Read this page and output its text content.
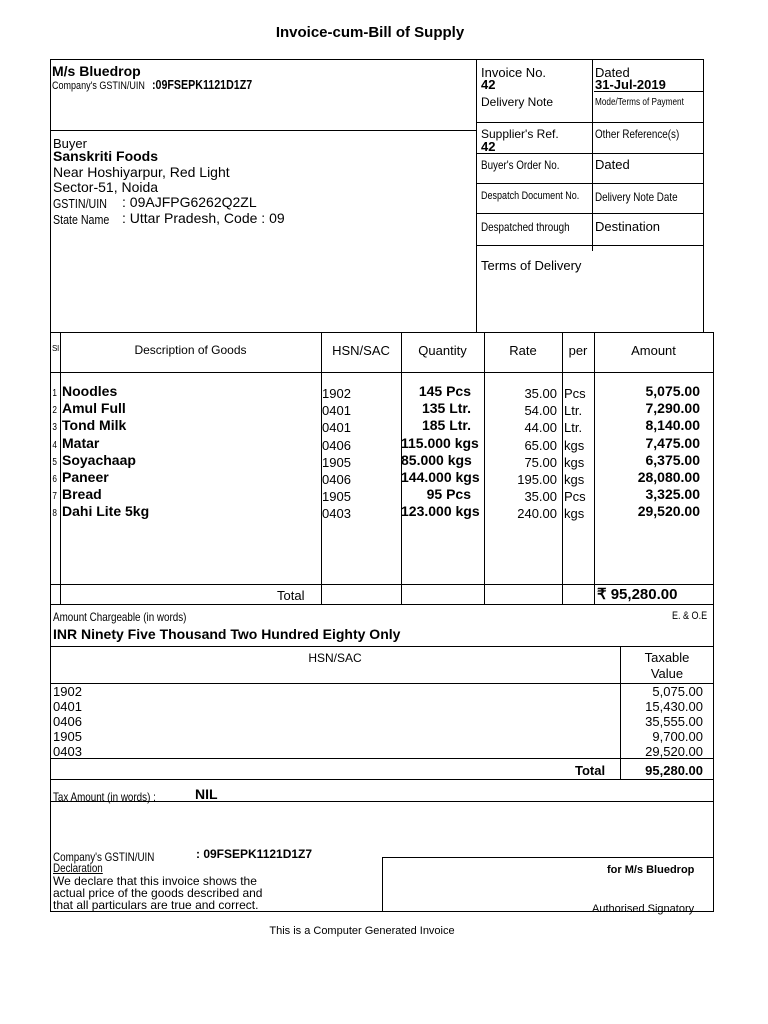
Invoice-cum-Bill of Supply
M/s Bluedrop
Company's GSTIN/UIN :09FSEPK1121D1Z7
Buyer
Sanskriti Foods
Near Hoshiyarpur, Red Light
Sector-51, Noida
GSTIN/UIN : 09AJFPG6262Q2ZL
State Name : Uttar Pradesh, Code : 09
Invoice No.
42
Dated
31-Jul-2019
Delivery Note	Mode/Terms of Payment
Supplier's Ref.
42
Other Reference(s)
Buyer's Order No.	Dated
Despatch Document No. Delivery Note Date
Despatched through Destination
Terms of Delivery
Sl	Description of Goods	HSN/SAC	Quantity	Rate	per	Amount
1 Noodles	1902	145 Pcs	35.00 Pcs	5,075.00
2 Amul Full	0401	135 Ltr.	54.00 Ltr.	7,290.00
3 Tond Milk	0401	185 Ltr.	44.00 Ltr.	8,140.00
4 Matar	0406	115.000 kgs	65.00 kgs	7,475.00
5 Soyachaap	1905	85.000 kgs	75.00 kgs	6,375.00
6 Paneer	0406	144.000 kgs	195.00 kgs	28,080.00
7 Bread	1905	95 Pcs	35.00 Pcs	3,325.00
8 Dahi Lite 5kg	0403	123.000 kgs	240.00 kgs	29,520.00
Total	₹ 95,280.00
Amount Chargeable (in words)	E. & O.E
INR Ninety Five Thousand Two Hundred Eighty Only
HSN/SAC	Taxable
Value
1902	5,075.00
0401	15,430.00
0406	35,555.00
1905	9,700.00
0403	29,520.00
Total	95,280.00
Tax Amount (in words) :	NIL
Company's GSTIN/UIN	: 09FSEPK1121D1Z7
Declaration
We declare that this invoice shows the
actual price of the goods described and
that all particulars are true and correct.
for M/s Bluedrop
Authorised Signatory
This is a Computer Generated Invoice
